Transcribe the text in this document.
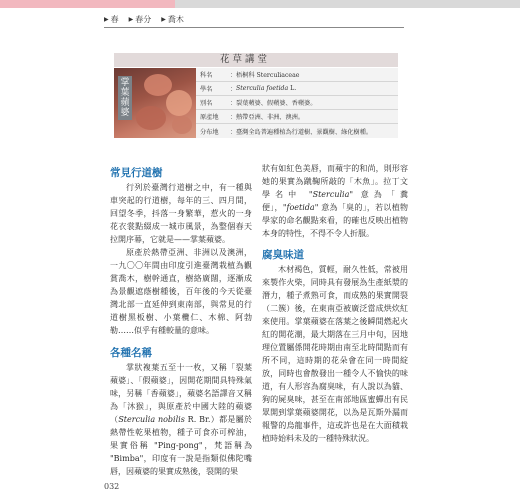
▶ 春 ▶ 春分 ▶ 喬木
花草講堂
掌葉蘋婆
科名	： 梧桐科 Sterculiaceae
學名	： Sterculia foetida L.
別名	： 裂葉蘋婆、假蘋婆、香蘋婆。
原產地	： 熱帶亞洲、非洲、澳洲。
分布地	： 臺灣全島普遍種植為行道樹、景觀樹、綠化樹種。
常見行道樹

行列於臺灣行道樹之中，有一種與車突起的行道樹，每年的三、四月間，回望冬季，抖落一身繁華，惹火的一身花衣裳點綴成一城市風景，為整個春天拉開序幕，它就是——掌葉蘋婆。

原產於熱帶亞洲、非洲以及澳洲，一九〇〇年間由印度引進臺灣栽植為觀賞喬木，樹幹通直，樹絡廣闊，逐漸成為景觀遮蔭樹種後，百年後的今天從臺灣北部一直延伸到東南部，與常見的行道樹黑板樹、小葉欖仁、木棉、阿勃勒……似乎有種較量的意味。

各種名稱

掌狀複葉五至十一枚，又稱「裂葉蘋婆」、「假蘋婆」，因開花期間具特殊氣味，另稱「香蘋婆」，蘋婆名語譯音又稱為「沐猴」，與原產於中國大陸的蘋婆（Sterculia nobilis R. Br.）都是屬於熱帶性乾果植物，種子可食亦可榨油，果實俗稱 "Ping-pong"，梵語稱為 "Bimba"，印度有一說是指類似佛陀嘴唇，因蘋婆的果實成熟後，裂開的果

狀有如紅色美唇，而蘋宇的和尚，則形容她的果實為蹴鞠所敲的「木魚」。拉丁文學名中 "Sterculia" 意為「糞便」，"foetida" 意為「臭的」，若以植物學家的命名觀點來看，的確也反映出植物本身的特性，不得不令人折服。

腐臭味道

木材褐色，質輕，耐久性低，常被用來製作火柴，同時具有發展為生產紙漿的潛力，種子煮熟可食，而成熟的果實開裂（二簇）後，在東南亞被廣泛當成烘炊紅來使用。掌葉蘋婆在落葉之後瞬間燃起火紅的開花潮，最大期落在三月中旬，因地理位置屬係開花時期由南至北時間點而有所不同，這時期的花朵會在同一時間綻放，同時也會散發出一種令人不愉快的味道，有人形容為腐臭味，有人說以為貓、狗的屍臭味，甚至在南部地區蜜蟬出有民眾開到掌葉蘋婆開花，以為是瓦斯外漏而報警的烏龍事件，這或許也是在大面積栽植時始料未及的一種特殊狀況。

032
